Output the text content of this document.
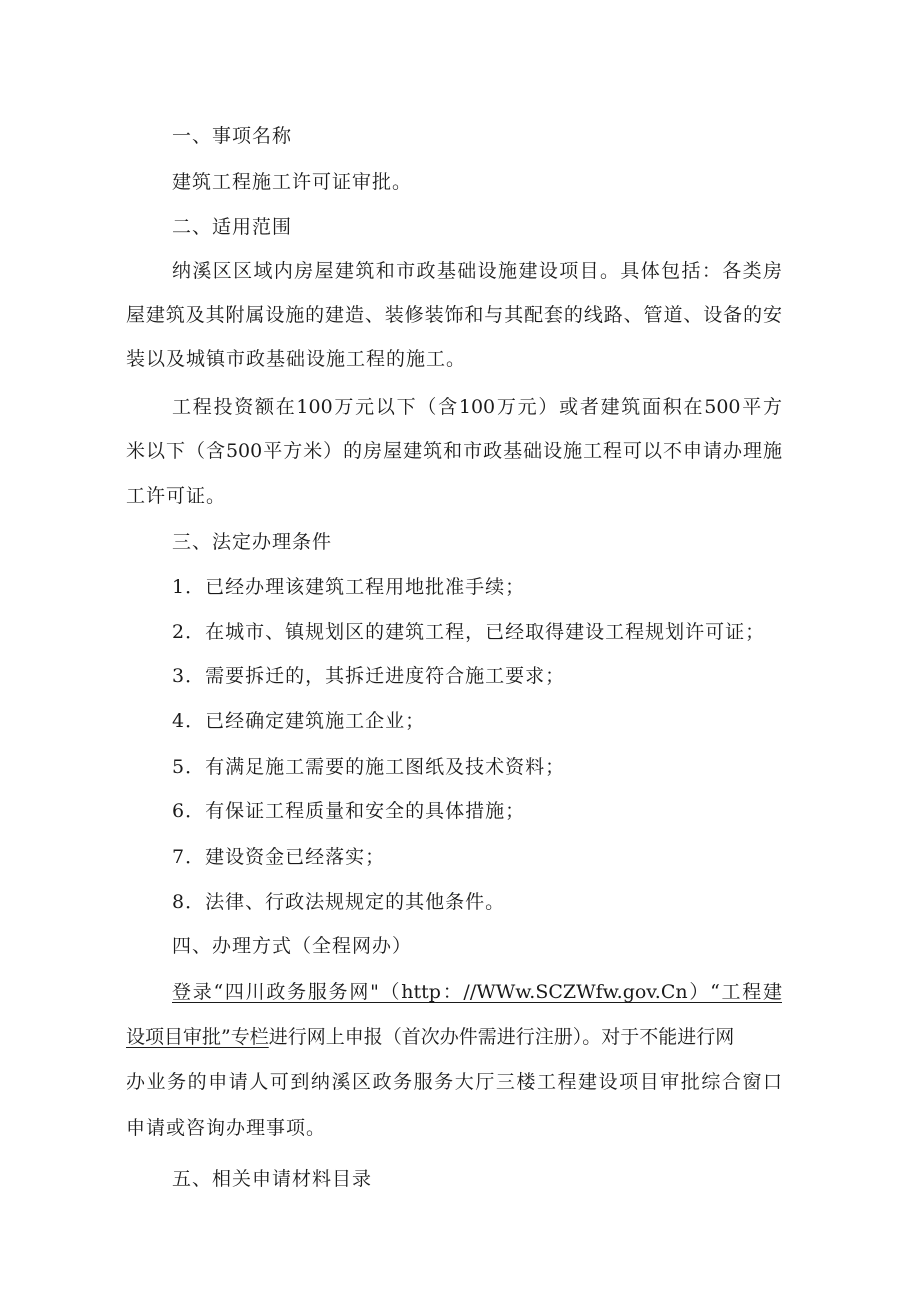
一、事项名称
建筑工程施工许可证审批。
二、适用范围
纳溪区区域内房屋建筑和市政基础设施建设项目。具体包括：各类房
屋建筑及其附属设施的建造、装修装饰和与其配套的线路、管道、设备的安
装以及城镇市政基础设施工程的施工。
工程投资额在100万元以下（含100万元）或者建筑面积在500平方
米以下（含500平方米）的房屋建筑和市政基础设施工程可以不申请办理施
工许可证。
三、法定办理条件
1．已经办理该建筑工程用地批准手续；
2．在城市、镇规划区的建筑工程，已经取得建设工程规划许可证；
3．需要拆迁的，其拆迁进度符合施工要求；
4．已经确定建筑施工企业；
5．有满足施工需要的施工图纸及技术资料；
6．有保证工程质量和安全的具体措施；
7．建设资金已经落实；
8．法律、行政法规规定的其他条件。
四、办理方式（全程网办）
登录“四川政务服务网"（http：//WWw.SCZWfw.gov.Cn）“工程建
设项目审批”专栏进行网上申报（首次办件需进行注册）。对于不能进行网
办业务的申请人可到纳溪区政务服务大厅三楼工程建设项目审批综合窗口
申请或咨询办理事项。
五、相关申请材料目录
